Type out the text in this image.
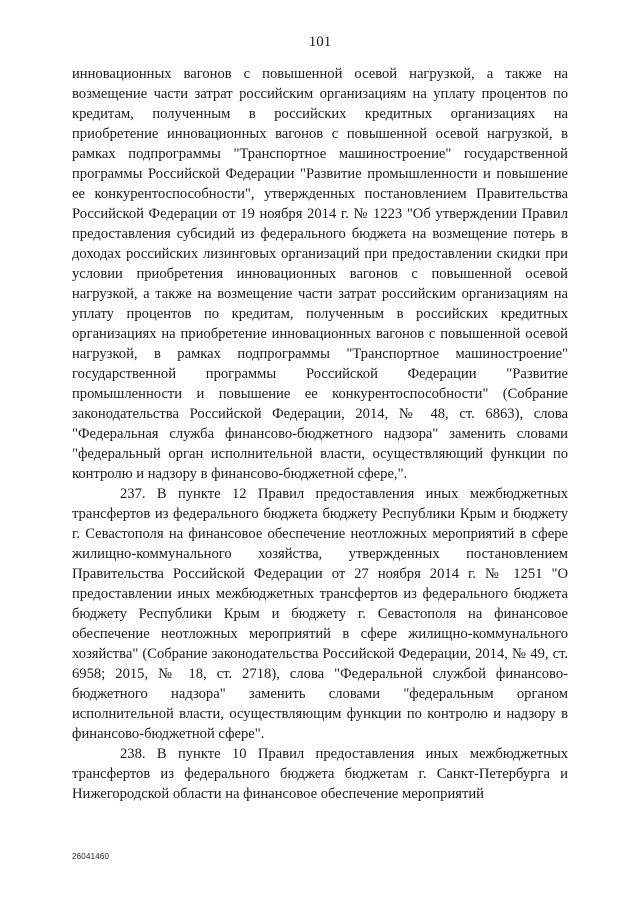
101

инновационных вагонов с повышенной осевой нагрузкой, а также на возмещение части затрат российским организациям на уплату процентов по кредитам, полученным в российских кредитных организациях на приобретение инновационных вагонов с повышенной осевой нагрузкой, в рамках подпрограммы "Транспортное машиностроение" государственной программы Российской Федерации "Развитие промышленности и повышение ее конкурентоспособности", утвержденных постановлением Правительства Российской Федерации от 19 ноября 2014 г. № 1223 "Об утверждении Правил предоставления субсидий из федерального бюджета на возмещение потерь в доходах российских лизинговых организаций при предоставлении скидки при условии приобретения инновационных вагонов с повышенной осевой нагрузкой, а также на возмещение части затрат российским организациям на уплату процентов по кредитам, полученным в российских кредитных организациях на приобретение инновационных вагонов с повышенной осевой нагрузкой, в рамках подпрограммы "Транспортное машиностроение" государственной программы Российской Федерации "Развитие промышленности и повышение ее конкурентоспособности" (Собрание законодательства Российской Федерации, 2014, № 48, ст. 6863), слова "Федеральная служба финансово-бюджетного надзора" заменить словами "федеральный орган исполнительной власти, осуществляющий функции по контролю и надзору в финансово-бюджетной сфере,".

237. В пункте 12 Правил предоставления иных межбюджетных трансфертов из федерального бюджета бюджету Республики Крым и бюджету г. Севастополя на финансовое обеспечение неотложных мероприятий в сфере жилищно-коммунального хозяйства, утвержденных постановлением Правительства Российской Федерации от 27 ноября 2014 г. № 1251 "О предоставлении иных межбюджетных трансфертов из федерального бюджета бюджету Республики Крым и бюджету г. Севастополя на финансовое обеспечение неотложных мероприятий в сфере жилищно-коммунального хозяйства" (Собрание законодательства Российской Федерации, 2014, № 49, ст. 6958; 2015, № 18, ст. 2718), слова "Федеральной службой финансово-бюджетного надзора" заменить словами "федеральным органом исполнительной власти, осуществляющим функции по контролю и надзору в финансово-бюджетной сфере".

238. В пункте 10 Правил предоставления иных межбюджетных трансфертов из федерального бюджета бюджетам г. Санкт-Петербурга и Нижегородской области на финансовое обеспечение мероприятий

26041460
